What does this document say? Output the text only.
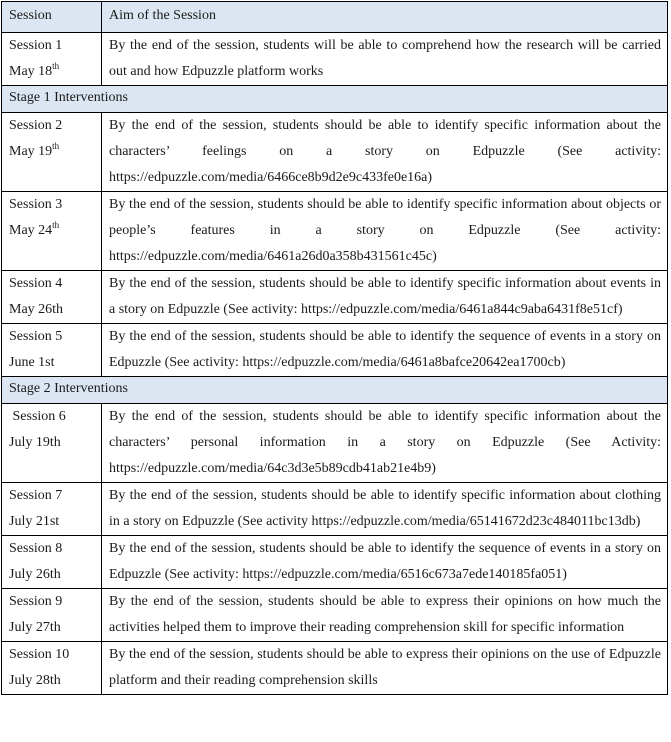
Session	Aim of the Session

Session 1
May 18th	By the end of the session, students will be able to comprehend how the research will be carried out and how Edpuzzle platform works

Stage 1 Interventions	

Session 2
May 19th	By the end of the session, students should be able to identify specific information about the characters’ feelings on a story on Edpuzzle (See activity: https://edpuzzle.com/media/6466ce8b9d2e9c433fe0e16a)

Session 3
May 24th	By the end of the session, students should be able to identify specific information about objects or people’s features in a story on Edpuzzle (See activity: https://edpuzzle.com/media/6461a26d0a358b431561c45c)

Session 4
May 26th	By the end of the session, students should be able to identify specific information about events in a story on Edpuzzle (See activity: https://edpuzzle.com/media/6461a844c9aba6431f8e51cf)

Session 5
June 1st	By the end of the session, students should be able to identify the sequence of events in a story on Edpuzzle (See activity: https://edpuzzle.com/media/6461a8bafce20642ea1700cb)

Stage 2 Interventions	

Session 6
July 19th	By the end of the session, students should be able to identify specific information about the characters’ personal information in a story on Edpuzzle (See Activity: https://edpuzzle.com/media/64c3d3e5b89cdb41ab21e4b9)

Session 7
July 21st	By the end of the session, students should be able to identify specific information about clothing in a story on Edpuzzle (See activity https://edpuzzle.com/media/65141672d23c484011bc13db)

Session 8
July 26th	By the end of the session, students should be able to identify the sequence of events in a story on Edpuzzle (See activity: https://edpuzzle.com/media/6516c673a7ede140185fa051)

Session 9
July 27th	By the end of the session, students should be able to express their opinions on how much the activities helped them to improve their reading comprehension skill for specific information

Session 10
July 28th	By the end of the session, students should be able to express their opinions on the use of Edpuzzle platform and their reading comprehension skills
